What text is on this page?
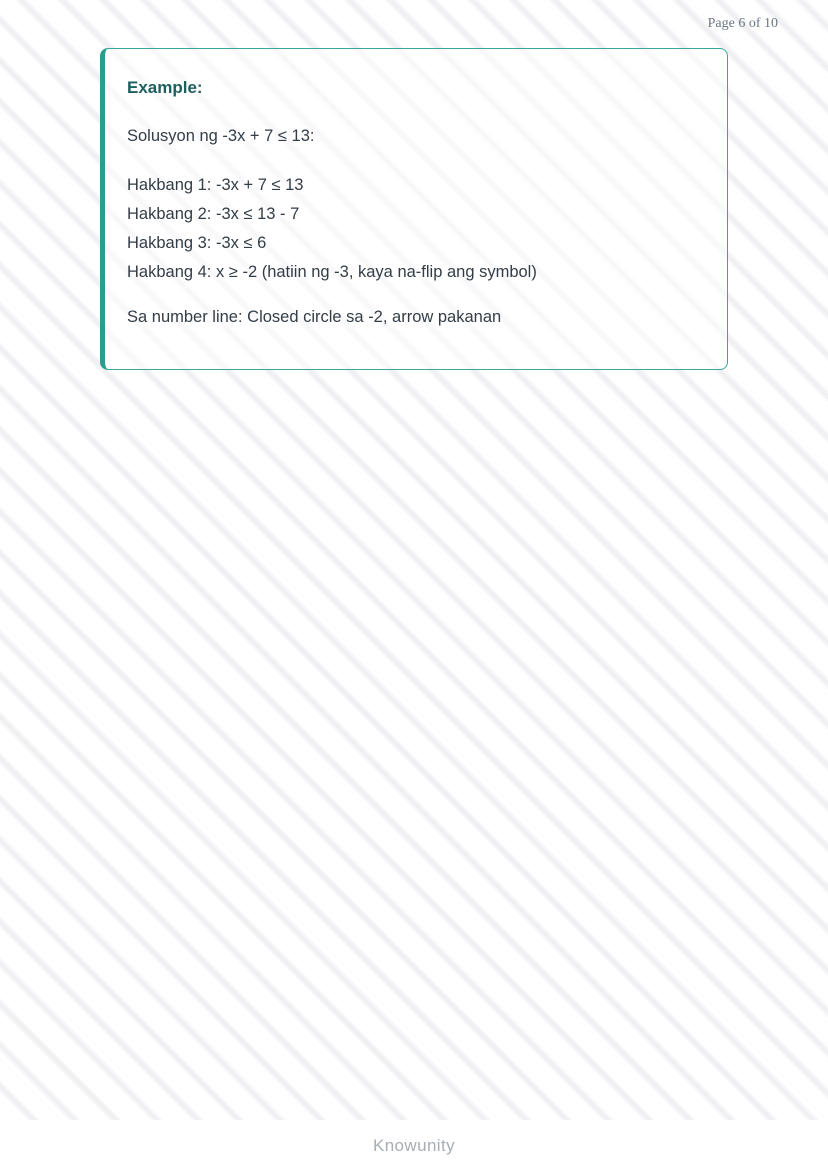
Page 6 of 10
Example:
Solusyon ng -3x + 7 ≤ 13:
Hakbang 1: -3x + 7 ≤ 13
Hakbang 2: -3x ≤ 13 - 7
Hakbang 3: -3x ≤ 6
Hakbang 4: x ≥ -2 (hatiin ng -3, kaya na-flip ang symbol)
Sa number line: Closed circle sa -2, arrow pakanan
Knowunity
